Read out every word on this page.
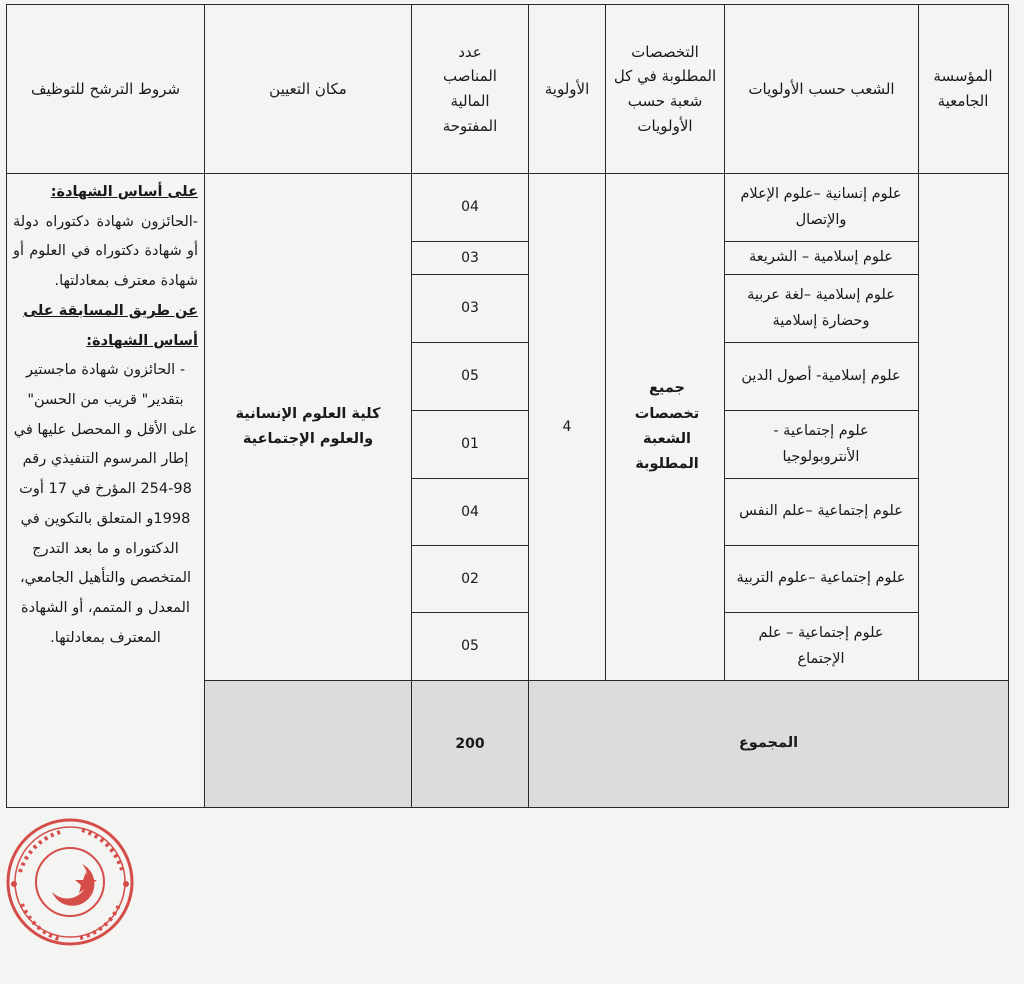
المؤسسة الجامعية
الشعب حسب الأولويات
التخصصات المطلوبة في كل شعبة حسب الأولويات
الأولوية
عدد المناصب المالية المفتوحة
مكان التعيين
شروط الترشح للتوظيف
علوم إنسانية –علوم الإعلام والإتصال
علوم إسلامية – الشريعة
علوم إسلامية –لغة عربية وحضارة إسلامية
علوم إسلامية- أصول الدين
علوم إجتماعية - الأنتروبولوجيا
علوم إجتماعية –علم النفس
علوم إجتماعية –علوم التربية
علوم إجتماعية – علم الإجتماع
جميع تخصصات الشعبة المطلوبة
4
04
03
03
05
01
04
02
05
كلية العلوم الإنسانية والعلوم الإجتماعية
المجموع
200
على أساس الشهادة:
-الحائزون شهادة دكتوراه دولة أو شهادة دكتوراه في العلوم أو شهادة معترف بمعادلتها.
عن طريق المسابقة على أساس الشهادة:
- الحائزون شهادة ماجستير بتقدير" قريب من الحسن" على الأقل و المحصل عليها في إطار المرسوم التنفيذي رقم 98-254 المؤرخ في 17 أوت 1998و المتعلق بالتكوين في الدكتوراه و ما بعد التدرج المتخصص والتأهيل الجامعي، المعدل و المتمم، أو الشهادة المعترف بمعادلتها.
